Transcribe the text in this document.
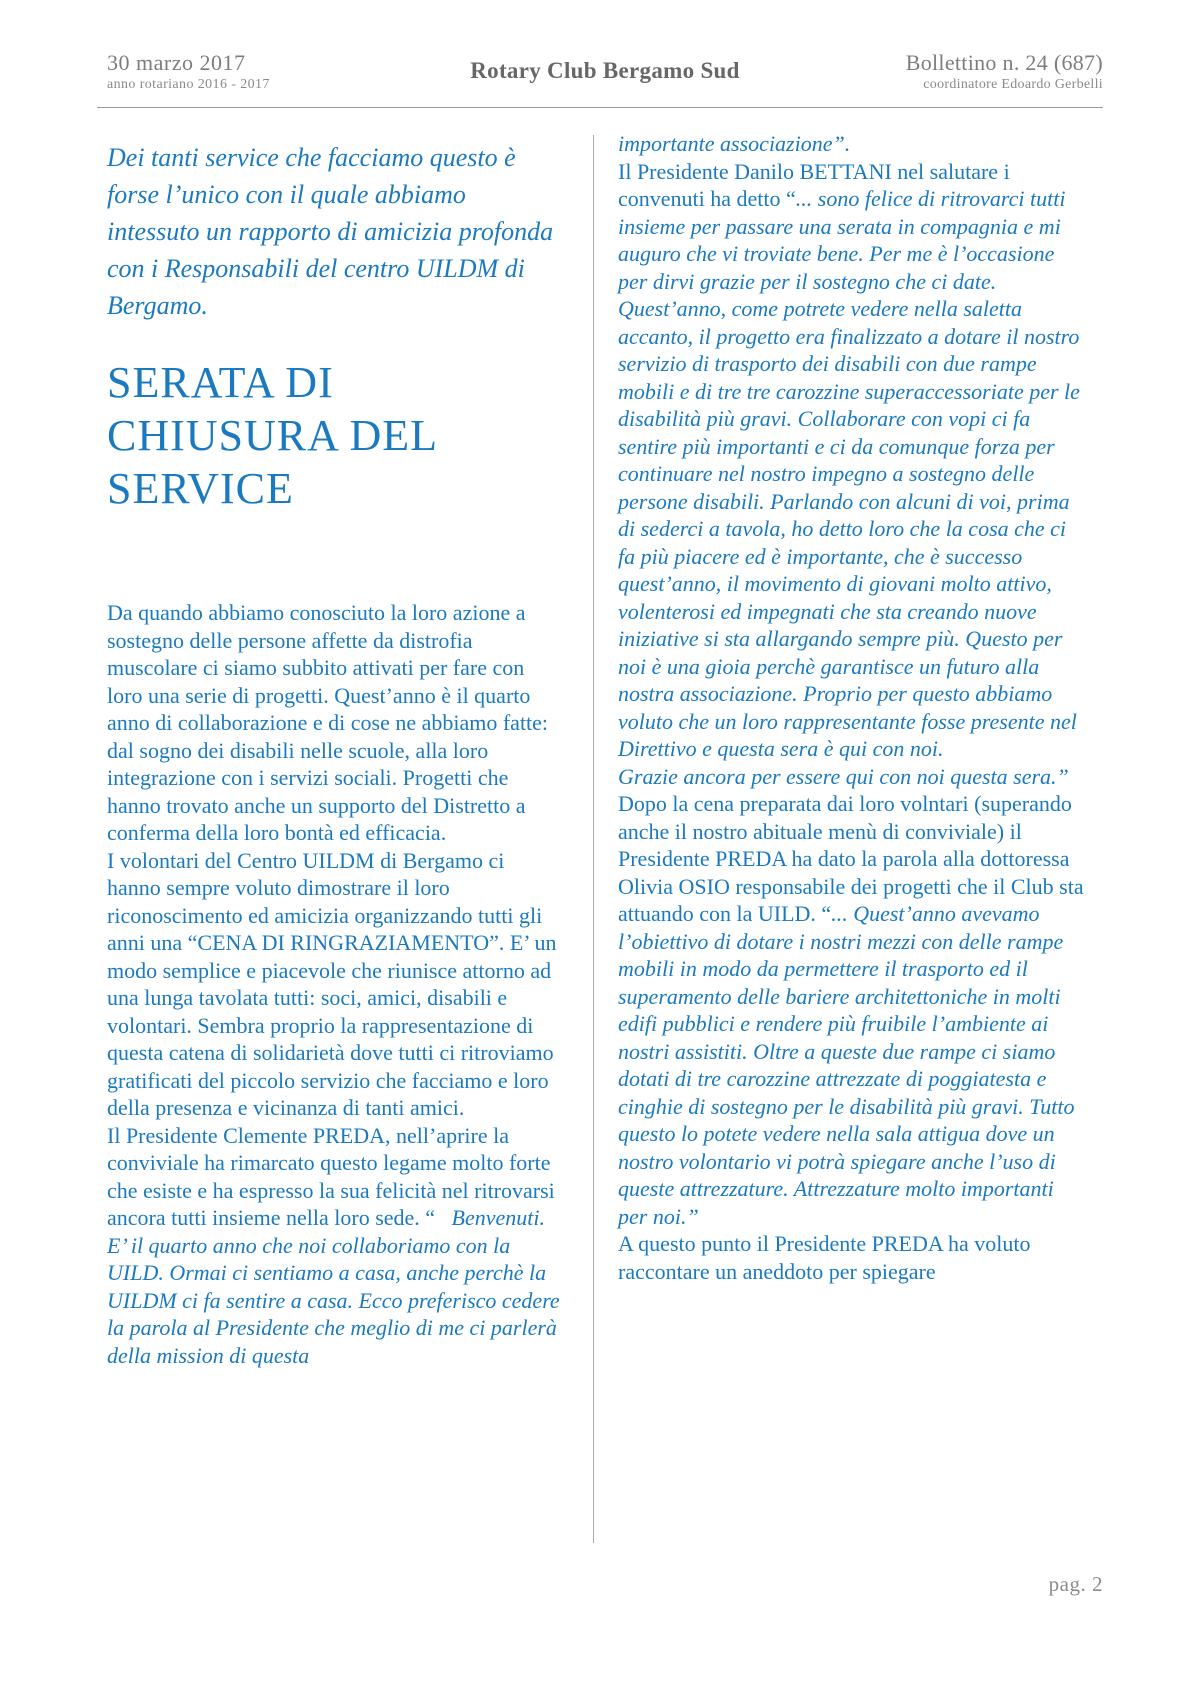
30 marzo 2017
anno rotariano 2016 - 2017
Rotary Club Bergamo Sud	Bollettino n. 24 (687)
coordinatore Edoardo Gerbelli

Dei tanti service che facciamo questo è forse l’unico con il quale abbiamo intessuto un rapporto di amicizia profonda con i Responsabili del centro UILDM di Bergamo.

SERATA DI CHIUSURA DEL SERVICE

Da quando abbiamo conosciuto la loro azione a sostegno delle persone affette da distrofia muscolare ci siamo subbito attivati per fare con loro una serie di progetti. Quest’anno è il quarto anno di collaborazione e di cose ne abbiamo fatte: dal sogno dei disabili nelle scuole, alla loro integrazione con i servizi sociali. Progetti che hanno trovato anche un supporto del Distretto a conferma della loro bontà ed efficacia.

I volontari del Centro UILDM di Bergamo ci hanno sempre voluto dimostrare il loro riconoscimento ed amicizia organizzando tutti gli anni una “CENA DI RINGRAZIAMENTO”. E’ un modo semplice e piacevole che riunisce attorno ad una lunga tavolata tutti: soci, amici, disabili e volontari. Sembra proprio la rappresentazione di questa catena di solidarietà dove tutti ci ritroviamo gratificati del piccolo servizio che facciamo e loro della presenza e vicinanza di tanti amici.

Il Presidente Clemente PREDA, nell’aprire la conviviale ha rimarcato questo legame molto forte che esiste e ha espresso la sua felicità nel ritrovarsi ancora tutti insieme nella loro sede. “   Benvenuti. E’ il quarto anno che noi collaboriamo con la UILD. Ormai ci sentiamo a casa, anche perchè la UILDM ci fa sentire a casa. Ecco preferisco cedere la parola al Presidente che meglio di me ci parlerà della mission di questa

importante associazione”.

Il Presidente Danilo BETTANI nel salutare i convenuti ha detto “... sono felice di ritrovarci tutti insieme per passare una serata in compagnia e mi auguro che vi troviate bene. Per me è l’occasione per dirvi grazie per il sostegno che ci date. Quest’anno, come potrete vedere nella saletta accanto, il progetto era finalizzato a dotare il nostro servizio di trasporto dei disabili con due rampe mobili e di tre tre carozzine superaccessoriate per le disabilità più gravi. Collaborare con vopi ci fa sentire più importanti e ci da comunque forza per continuare nel nostro impegno a sostegno delle persone disabili. Parlando con alcuni di voi, prima di sederci a tavola, ho detto loro che la cosa che ci fa più piacere ed è importante, che è successo quest’anno, il movimento di giovani molto attivo, volenterosi ed impegnati che sta creando nuove iniziative si sta allargando sempre più. Questo per noi è una gioia perchè garantisce un futuro alla nostra associazione. Proprio per questo abbiamo voluto che un loro rappresentante fosse presente nel Direttivo e questa sera è qui con noi.

Grazie ancora per essere qui con noi questa sera.”

Dopo la cena preparata dai loro volntari (superando anche il nostro abituale menù di conviviale) il Presidente PREDA ha dato la parola alla dottoressa Olivia OSIO responsabile dei progetti che il Club sta attuando con la UILD. “... Quest’anno avevamo l’obiettivo di dotare i nostri mezzi con delle rampe mobili in modo da permettere il trasporto ed il superamento delle bariere architettoniche in molti edifi pubblici e rendere più fruibile l’ambiente ai nostri assistiti. Oltre a queste due rampe ci siamo dotati di tre carozzine attrezzate di poggiatesta e cinghie di sostegno per le disabilità più gravi. Tutto questo lo potete vedere nella sala attigua dove un nostro volontario vi potrà spiegare anche l’uso di queste attrezzature. Attrezzature molto importanti per noi.”

A questo punto il Presidente PREDA ha voluto raccontare un aneddoto per spiegare

pag. 2
